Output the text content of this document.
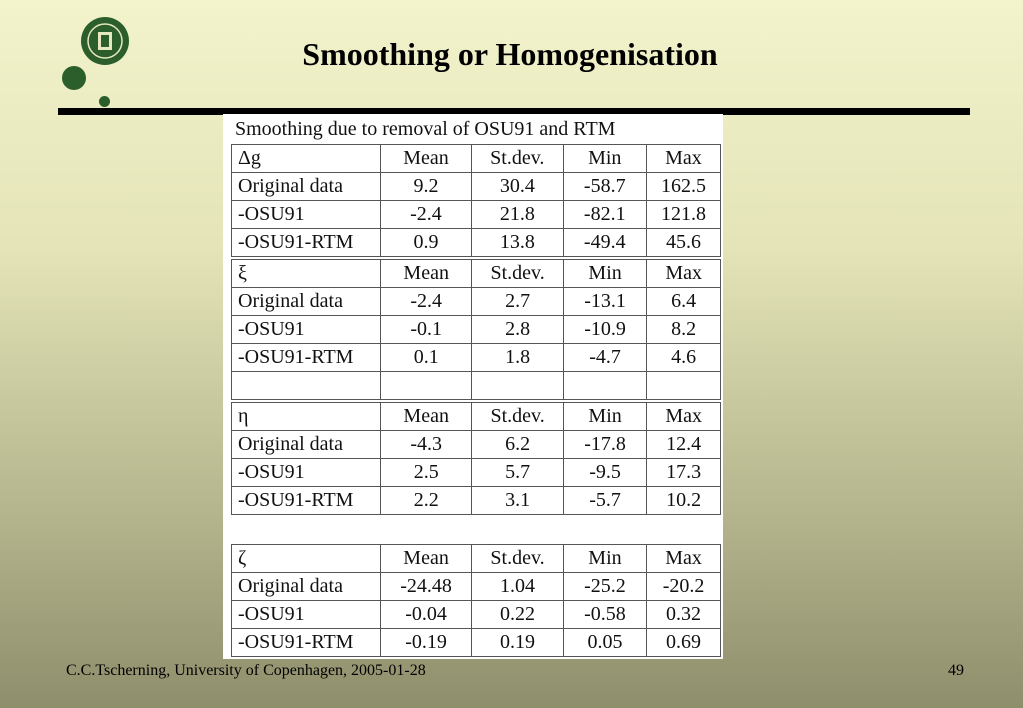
Smoothing or Homogenisation
Smoothing due to removal of OSU91 and RTM
Δg	Mean	St.dev.	Min	Max
Original data	9.2	30.4	-58.7	162.5
-OSU91	-2.4	21.8	-82.1	121.8
-OSU91-RTM	0.9	13.8	-49.4	45.6
ξ	Mean	St.dev.	Min	Max
Original data	-2.4	2.7	-13.1	6.4
-OSU91	-0.1	2.8	-10.9	8.2
-OSU91-RTM	0.1	1.8	-4.7	4.6

η	Mean	St.dev.	Min	Max
Original data	-4.3	6.2	-17.8	12.4
-OSU91	2.5	5.7	-9.5	17.3
-OSU91-RTM	2.2	3.1	-5.7	10.2
ζ	Mean	St.dev.	Min	Max
Original data	-24.48	1.04	-25.2	-20.2
-OSU91	-0.04	0.22	-0.58	0.32
-OSU91-RTM	-0.19	0.19	0.05	0.69
C.C.Tscherning, University of Copenhagen, 2005-01-28	49
